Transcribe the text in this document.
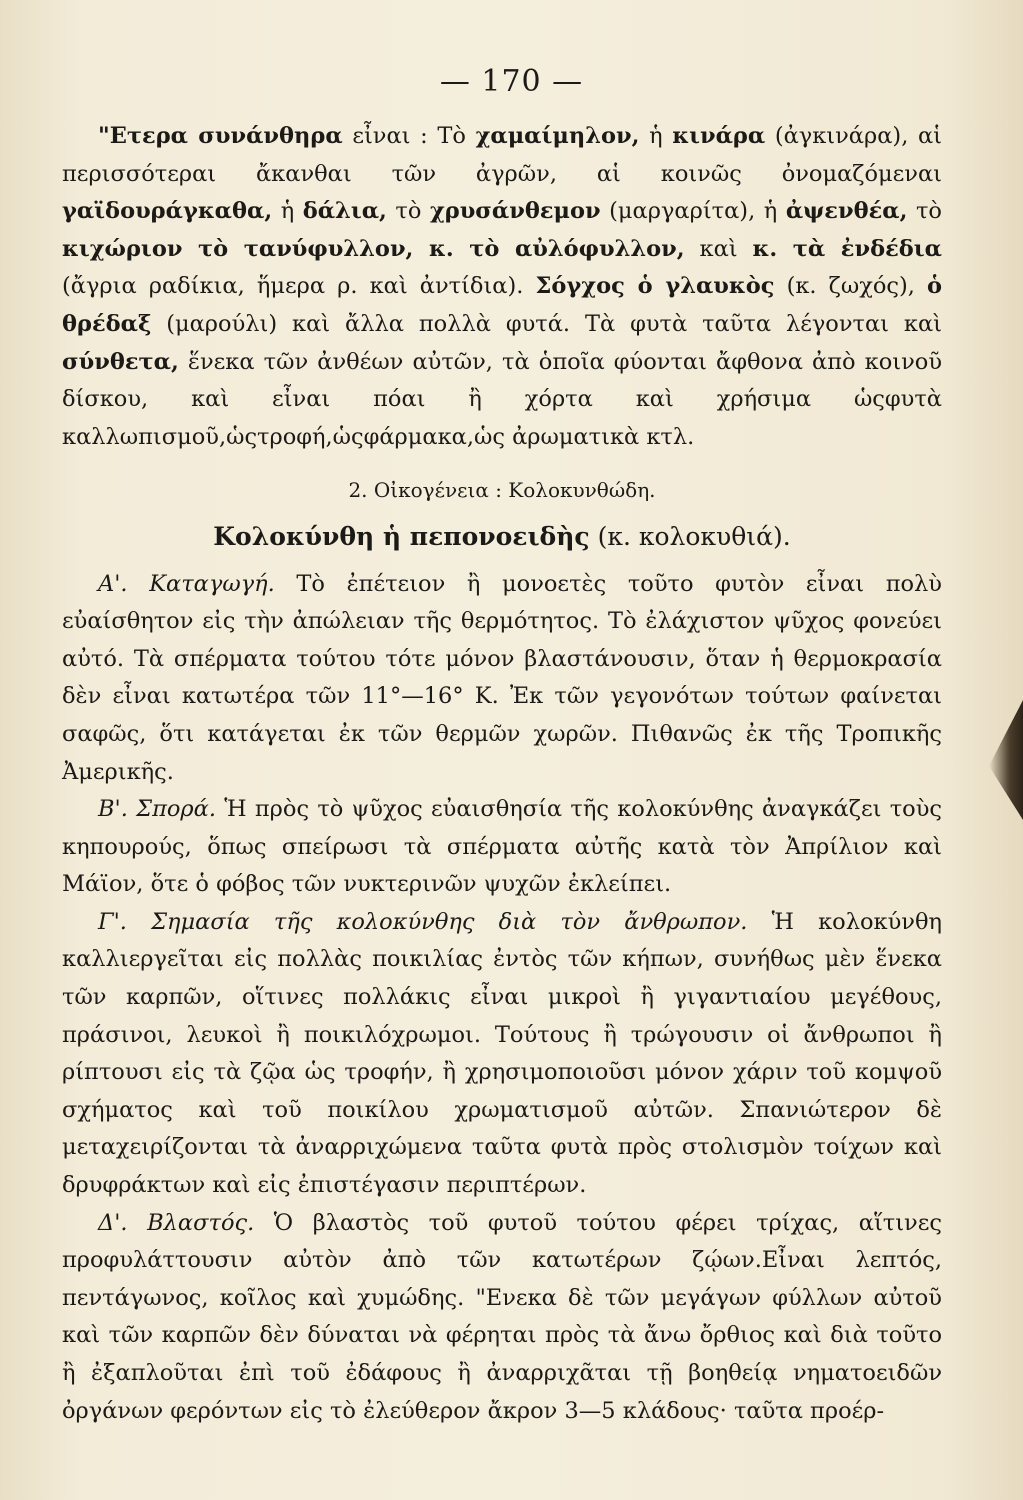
— 170 —

"Ετερα συνάνθηρα εἶναι : Τὸ χαμαίμηλον, ἡ κινάρα (ἀγκινάρα), αἱ περισσότεραι ἄκανθαι τῶν ἀγρῶν, αἱ κοινῶς ὀνομαζόμεναι γαϊδουράγκαθα, ἡ δάλια, τὸ χρυσάνθεμον (μαργαρίτα), ἡ ἀψενθέα, τὸ κιχώριον τὸ τανύφυλλον, κ. τὸ αὐλόφυλλον, καὶ κ. τὰ ἐνδέδια (ἄγρια ραδίκια, ἥμερα ρ. καὶ ἀντίδια). Σόγχος ὁ γλαυκὸς (κ. ζωχός), ὁ θρέδαξ (μαρούλι) καὶ ἄλλα πολλὰ φυτά. Τὰ φυτὰ ταῦτα λέγονται καὶ σύνθετα, ἕνεκα τῶν ἀνθέων αὐτῶν, τὰ ὁποῖα φύονται ἄφθονα ἀπὸ κοινοῦ δίσκου, καὶ εἶναι πόαι ἢ χόρτα καὶ χρήσιμα ὡςφυτὰ καλλωπισμοῦ,ὡςτροφή,ὡςφάρμακα,ὡς ἀρωματικὰ κτλ.

2. Οἰκογένεια : Κολοκυνθώδη.

Κολοκύνθη ἡ πεπονοειδὴς (κ. κολοκυθιά).

Α'. Καταγωγή. Τὸ ἐπέτειον ἢ μονοετὲς τοῦτο φυτὸν εἶναι πολὺ εὐαίσθητον εἰς τὴν ἀπώλειαν τῆς θερμότητος. Τὸ ἐλάχιστον ψῦχος φονεύει αὐτό. Τὰ σπέρματα τούτου τότε μόνον βλαστάνουσιν, ὅταν ἡ θερμοκρασία δὲν εἶναι κατωτέρα τῶν 11°—16° Κ. Ἐκ τῶν γεγονότων τούτων φαίνεται σαφῶς, ὅτι κατάγεται ἐκ τῶν θερμῶν χωρῶν. Πιθανῶς ἐκ τῆς Τροπικῆς Ἀμερικῆς.

Β'. Σπορά. Ἡ πρὸς τὸ ψῦχος εὐαισθησία τῆς κολοκύνθης ἀναγκάζει τοὺς κηπουρούς, ὅπως σπείρωσι τὰ σπέρματα αὐτῆς κατὰ τὸν Ἀπρίλιον καὶ Μάϊον, ὅτε ὁ φόβος τῶν νυκτερινῶν ψυχῶν ἐκλείπει.

Γ'. Σημασία τῆς κολοκύνθης διὰ τὸν ἄνθρωπον. Ἡ κολοκύνθη καλλιεργεῖται εἰς πολλὰς ποικιλίας ἐντὸς τῶν κήπων, συνήθως μὲν ἕνεκα τῶν καρπῶν, οἵτινες πολλάκις εἶναι μικροὶ ἢ γιγαντιαίου μεγέθους, πράσινοι, λευκοὶ ἢ ποικιλόχρωμοι. Τούτους ἢ τρώγουσιν οἱ ἄνθρωποι ἢ ρίπτουσι εἰς τὰ ζῷα ὡς τροφήν, ἢ χρησιμοποιοῦσι μόνον χάριν τοῦ κομψοῦ σχήματος καὶ τοῦ ποικίλου χρωματισμοῦ αὐτῶν. Σπανιώτερον δὲ μεταχειρίζονται τὰ ἀναρριχώμενα ταῦτα φυτὰ πρὸς στολισμὸν τοίχων καὶ δρυφράκτων καὶ εἰς ἐπιστέγασιν περιπτέρων.

Δ'. Βλαστός. Ὁ βλαστὸς τοῦ φυτοῦ τούτου φέρει τρίχας, αἵτινες προφυλάττουσιν αὐτὸν ἀπὸ τῶν κατωτέρων ζῴων.Εἶναι λεπτός, πεντάγωνος, κοῖλος καὶ χυμώδης. "Ενεκα δὲ τῶν μεγάγων φύλλων αὐτοῦ καὶ τῶν καρπῶν δὲν δύναται νὰ φέρηται πρὸς τὰ ἄνω ὄρθιος καὶ διὰ τοῦτο ἢ ἐξαπλοῦται ἐπὶ τοῦ ἐδάφους ἢ ἀναρριχᾶται τῇ βοηθείᾳ νηματοειδῶν ὀργάνων φερόντων εἰς τὸ ἐλεύθερον ἄκρον 3—5 κλάδους· ταῦτα προέρ-
